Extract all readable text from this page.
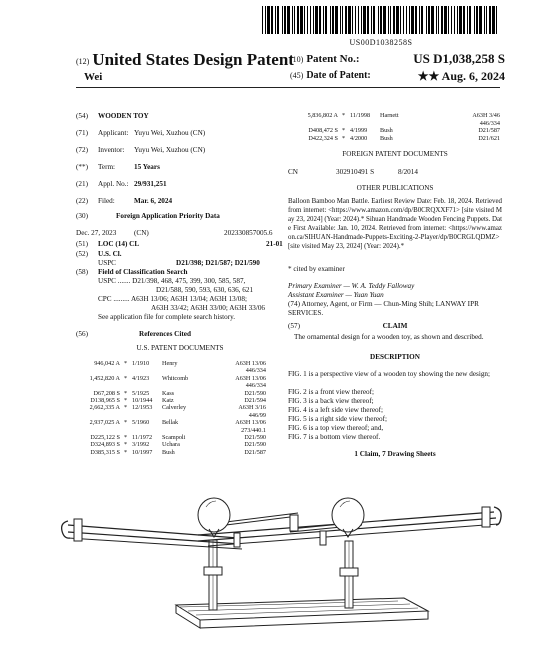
US00D1038258S
(12) United States Design Patent
Wei
(10) Patent No.:	US D1,038,258 S
(45) Date of Patent:	★★ Aug. 6, 2024
(54) WOODEN TOY
(71) Applicant: Yuyu Wei, Xuzhou (CN)
(72) Inventor: Yuyu Wei, Xuzhou (CN)
(**) Term:	15 Years
(21) Appl. No.: 29/931,251
(22) Filed:	Mar. 6, 2024
(30)	Foreign Application Priority Data
Dec. 27, 2023 (CN)	202330857005.6
(51) LOC (14) CL	21-01
(52) U.S. Cl.
USPC	D21/398; D21/587; D21/590
(58) Field of Classification Search
USPC ....... D21/398, 468, 475, 399, 300, 585, 587,
D21/588, 590, 593, 630, 636, 621
CPC ......... A63H 13/06; A63H 13/04; A63H 13/08;
A63H 33/42; A63H 33/00; A63H 33/06
See application file for complete search history.
(56)	References Cited
U.S. PATENT DOCUMENTS
946,042 A * 1/1910 Henry	A63H 13/06
446/334
1,452,820 A * 4/1923 Whitcomb	A63H 13/06
446/334
D67,208 S * 5/1925 Kass	D21/590
D138,965 S * 10/1944 Katz	D21/594
2,662,335 A * 12/1953 Calverley	A63H 3/16
446/99
2,937,025 A * 5/1960 Bellak	A63H 13/06
273/440.1
D225,122 S * 11/1972 Scampoli	D21/590
D324,893 S * 3/1992 Uchara	D21/590
D385,315 S * 10/1997 Bush	D21/587
5,836,802 A * 11/1998 Harnett	A63H 3/46
446/334
D408,472 S * 4/1999 Bush	D21/587
D422,324 S * 4/2000 Bush	D21/621
FOREIGN PATENT DOCUMENTS
CN	302910491 S	8/2014
OTHER PUBLICATIONS
Balloon Bamboo Man Battle. Earliest Review Date: Feb. 18, 2024. Retrieved from internet: <https://www.amazon.com/dp/B0CRQXXF71> [site visited May 23, 2024] (Year: 2024).* Sihuan Handmade Wooden Fencing Puppets. Date First Available: Jan. 10, 2024. Retrieved from internet: <https://www.amazon.ca/SIHUAN-Handmade-Puppets-Exciting-2-Player/dp/B0CRGLQDMZ> [site visited May 23, 2024] (Year: 2024).*
* cited by examiner
Primary Examiner — W. A. Teddy Falloway
Assistant Examiner — Yuan Yuan
(74) Attorney, Agent, or Firm — Chun-Ming Shih; LANWAY IPR SERVICES.
(57)	CLAIM
The ornamental design for a wooden toy, as shown and described.
DESCRIPTION
FIG. 1 is a perspective view of a wooden toy showing the new design;
FIG. 2 is a front view thereof;
FIG. 3 is a back view thereof;
FIG. 4 is a left side view thereof;
FIG. 5 is a right side view thereof;
FIG. 6 is a top view thereof; and,
FIG. 7 is a bottom view thereof.
1 Claim, 7 Drawing Sheets
